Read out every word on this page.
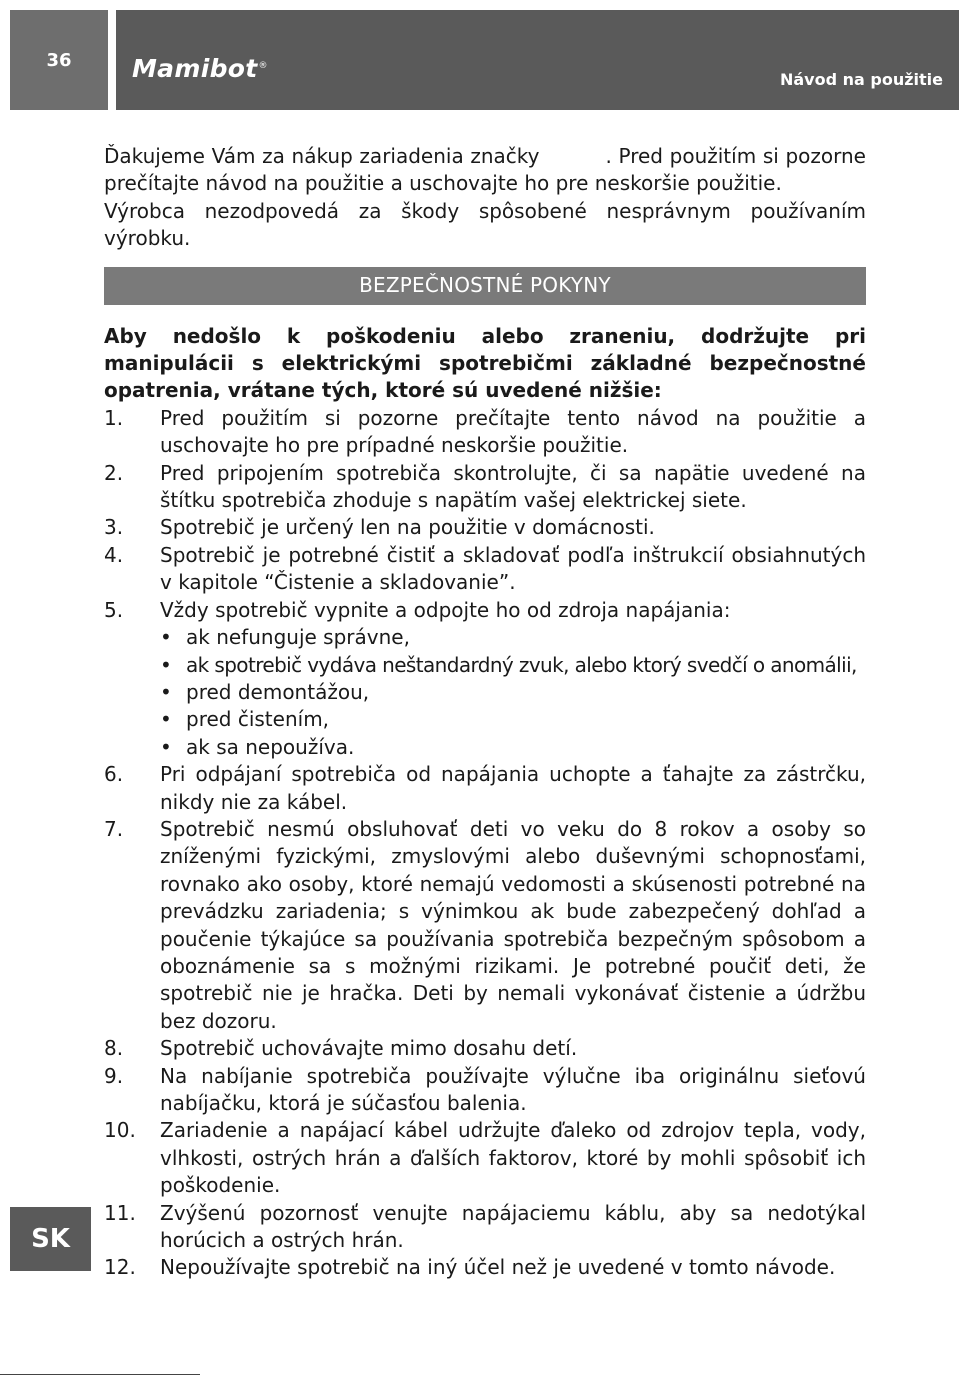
36 Mamibot®
Návod na použitie

Ďakujeme Vám za nákup zariadenia značky	. Pred použitím si pozorne prečítajte návod na použitie a uschovajte ho pre neskoršie použitie.

Výrobca nezodpovedá za škody spôsobené nesprávnym používaním výrobku.

BEZPEČNOSTNÉ POKYNY

Aby nedošlo k poškodeniu alebo zraneniu, dodržujte pri manipulácii s elektrickými spotrebičmi základné bezpečnostné opatrenia, vrátane tých, ktoré sú uvedené nižšie:

1.	Pred použitím si pozorne prečítajte tento návod na použitie a uschovajte ho pre prípadné neskoršie použitie.
2.	Pred pripojením spotrebiča skontrolujte, či sa napätie uvedené na štítku spotrebiča zhoduje s napätím vašej elektrickej siete.
3.	Spotrebič je určený len na použitie v domácnosti.
4.	Spotrebič je potrebné čistiť a skladovať podľa inštrukcií obsiahnutých v kapitole “Čistenie a skladovanie”.
5.	Vždy spotrebič vypnite a odpojte ho od zdroja napájania:
• ak nefunguje správne,
• ak spotrebič vydáva neštandardný zvuk, alebo ktorý svedčí o anomálii,
• pred demontážou,
• pred čistením,
• ak sa nepoužíva.
6.	Pri odpájaní spotrebiča od napájania uchopte a ťahajte za zástrčku, nikdy nie za kábel.
7.	Spotrebič nesmú obsluhovať deti vo veku do 8 rokov a osoby so zníženými fyzickými, zmyslovými alebo duševnými schopnosťami, rovnako ako osoby, ktoré nemajú vedomosti a skúsenosti potrebné na prevádzku zariadenia; s výnimkou ak bude zabezpečený dohľad a poučenie týkajúce sa používania spotrebiča bezpečným spôsobom a oboznámenie sa s možnými rizikami. Je potrebné poučiť deti, že spotrebič nie je hračka. Deti by nemali vykonávať čistenie a údržbu bez dozoru.
8.	Spotrebič uchovávajte mimo dosahu detí.
9.	Na nabíjanie spotrebiča používajte výlučne iba originálnu sieťovú nabíjačku, ktorá je súčasťou balenia.
10. Zariadenie a napájací kábel udržujte ďaleko od zdrojov tepla, vody, vlhkosti, ostrých hrán a ďalších faktorov, ktoré by mohli spôsobiť ich poškodenie.
11. Zvýšenú pozornosť venujte napájaciemu káblu, aby sa nedotýkal horúcich a ostrých hrán.
12. Nepoužívajte spotrebič na iný účel než je uvedené v tomto návode.
SK
